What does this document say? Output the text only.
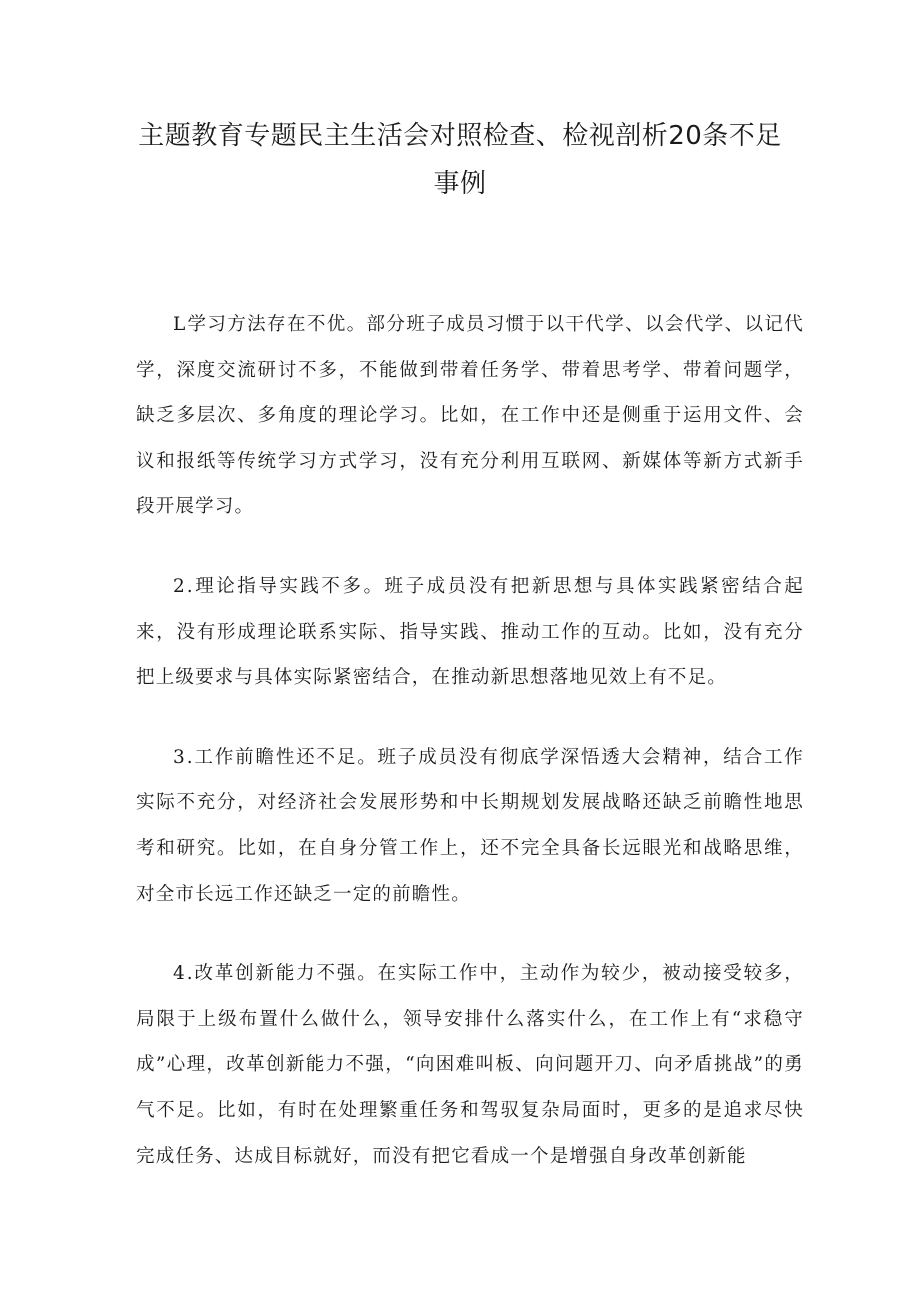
主题教育专题民主生活会对照检查、检视剖析20条不足事例

L学习方法存在不优。部分班子成员习惯于以干代学、以会代学、以记代学，深度交流研讨不多，不能做到带着任务学、带着思考学、带着问题学，缺乏多层次、多角度的理论学习。比如，在工作中还是侧重于运用文件、会议和报纸等传统学习方式学习，没有充分利用互联网、新媒体等新方式新手段开展学习。

2.理论指导实践不多。班子成员没有把新思想与具体实践紧密结合起来，没有形成理论联系实际、指导实践、推动工作的互动。比如，没有充分把上级要求与具体实际紧密结合，在推动新思想落地见效上有不足。

3.工作前瞻性还不足。班子成员没有彻底学深悟透大会精神，结合工作实际不充分，对经济社会发展形势和中长期规划发展战略还缺乏前瞻性地思考和研究。比如，在自身分管工作上，还不完全具备长远眼光和战略思维，对全市长远工作还缺乏一定的前瞻性。

4.改革创新能力不强。在实际工作中，主动作为较少，被动接受较多，局限于上级布置什么做什么，领导安排什么落实什么，在工作上有“求稳守成”心理，改革创新能力不强，“向困难叫板、向问题开刀、向矛盾挑战”的勇气不足。比如，有时在处理繁重任务和驾驭复杂局面时，更多的是追求尽快完成任务、达成目标就好，而没有把它看成一个是增强自身改革创新能
